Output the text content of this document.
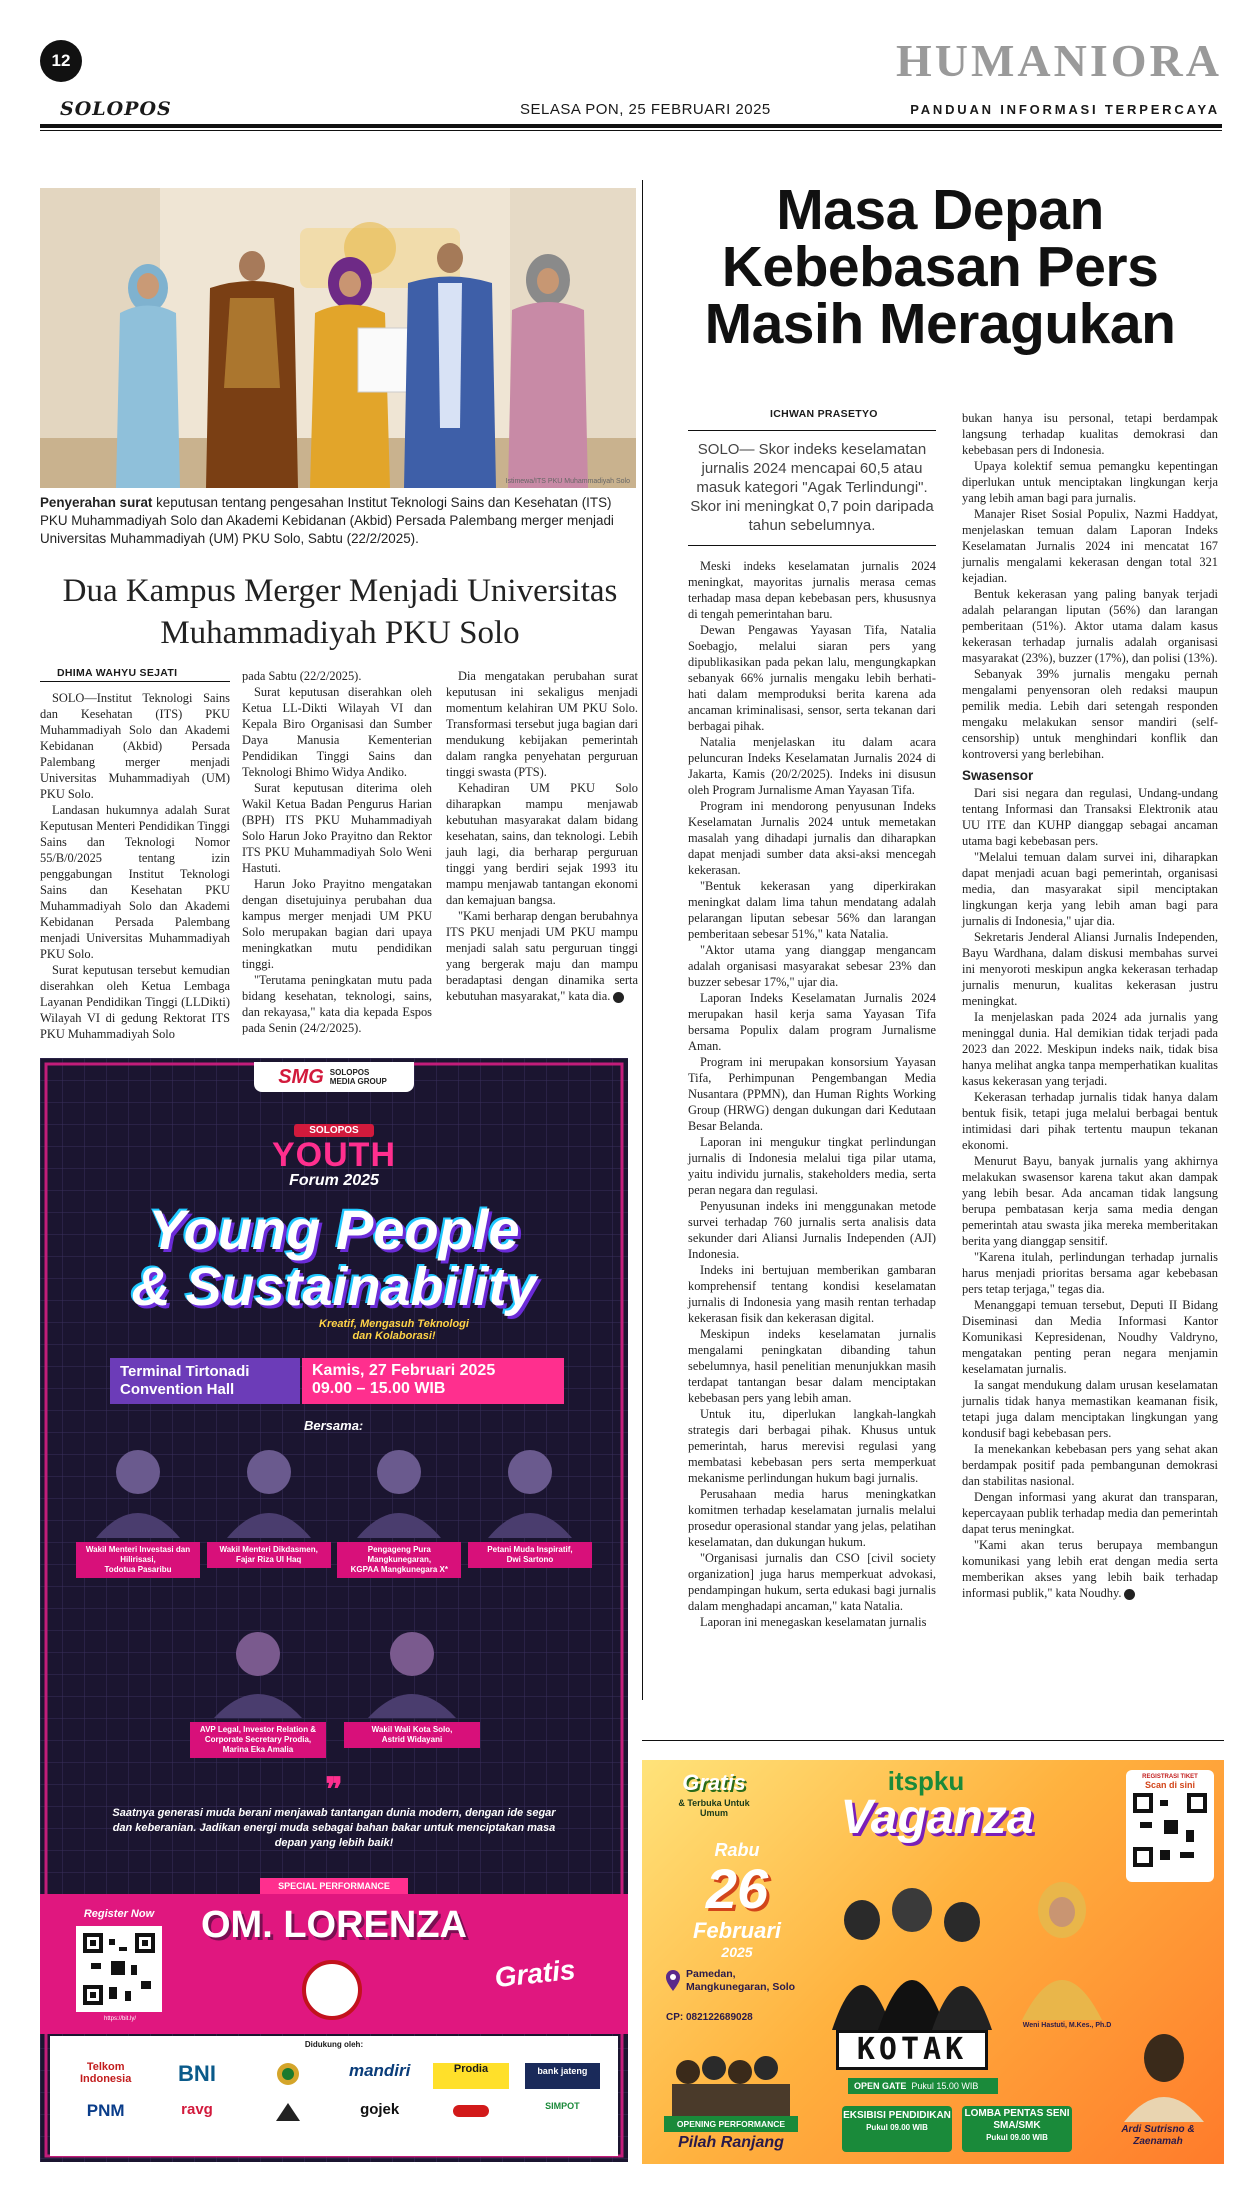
12	HUMANIORA
SOLOPOS	SELASA PON, 25 FEBRUARI 2025	PANDUAN INFORMASI TERPERCAYA
Istimewa/ITS PKU Muhammadiyah Solo
Penyerahan surat keputusan tentang pengesahan Institut Teknologi Sains dan Kesehatan (ITS) PKU Muhammadiyah Solo dan Akademi Kebidanan (Akbid) Persada Palembang merger menjadi Universitas Muhammadiyah (UM) PKU Solo, Sabtu (22/2/2025).
Dua Kampus Merger Menjadi Universitas Muhammadiyah PKU Solo
DHIMA WAHYU SEJATI

SOLO—Institut Teknologi Sains dan Kesehatan (ITS) PKU Muhammadiyah Solo dan Akademi Kebidanan (Akbid) Persada Palembang merger menjadi Universitas Muhammadiyah (UM) PKU Solo.

Landasan hukumnya adalah Surat Keputusan Menteri Pendidikan Tinggi Sains dan Teknologi Nomor 55/B/0/2025 tentang izin penggabungan Institut Teknologi Sains dan Kesehatan PKU Muhammadiyah Solo dan Akademi Kebidanan Persada Palembang menjadi Universitas Muhammadiyah PKU Solo.

Surat keputusan tersebut kemudian diserahkan oleh Ketua Lembaga Layanan Pendidikan Tinggi (LLDikti) Wilayah VI di gedung Rektorat ITS PKU Muhammadiyah Solo

pada Sabtu (22/2/2025).

Surat keputusan diserahkan oleh Ketua LL-Dikti Wilayah VI dan Kepala Biro Organisasi dan Sumber Daya Manusia Kementerian Pendidikan Tinggi Sains dan Teknologi Bhimo Widya Andiko.

Surat keputusan diterima oleh Wakil Ketua Badan Pengurus Harian (BPH) ITS PKU Muhammadiyah Solo Harun Joko Prayitno dan Rektor ITS PKU Muhammadiyah Solo Weni Hastuti.

Harun Joko Prayitno mengatakan dengan disetujuinya perubahan dua kampus merger menjadi UM PKU Solo merupakan bagian dari upaya meningkatkan mutu pendidikan tinggi.

"Terutama peningkatan mutu pada bidang kesehatan, teknologi, sains, dan rekayasa," kata dia kepada Espos pada Senin (24/2/2025).

Dia mengatakan perubahan surat keputusan ini sekaligus menjadi momentum kelahiran UM PKU Solo. Transformasi tersebut juga bagian dari mendukung kebijakan pemerintah dalam rangka penyehatan perguruan tinggi swasta (PTS).

Kehadiran UM PKU Solo diharapkan mampu menjawab kebutuhan masyarakat dalam bidang kesehatan, sains, dan teknologi. Lebih jauh lagi, dia berharap perguruan tinggi yang berdiri sejak 1993 itu mampu menjawab tantangan ekonomi dan kemajuan bangsa.

"Kami berharap dengan berubahnya ITS PKU menjadi UM PKU mampu menjadi salah satu perguruan tinggi yang bergerak maju dan mampu beradaptasi dengan dinamika serta kebutuhan masyarakat," kata dia.

Masa Depan Kebebasan Pers Masih Meragukan
ICHWAN PRASETYO
SOLO— Skor indeks keselamatan jurnalis 2024 mencapai 60,5 atau masuk kategori "Agak Terlindungi". Skor ini meningkat 0,7 poin daripada tahun sebelumnya.

Meski indeks keselamatan jurnalis 2024 meningkat, mayoritas jurnalis merasa cemas terhadap masa depan kebebasan pers, khususnya di tengah pemerintahan baru.

Dewan Pengawas Yayasan Tifa, Natalia Soebagjo, melalui siaran pers yang dipublikasikan pada pekan lalu, mengungkapkan sebanyak 66% jurnalis mengaku lebih berhati-hati dalam memproduksi berita karena ada ancaman kriminalisasi, sensor, serta tekanan dari berbagai pihak.

Natalia menjelaskan itu dalam acara peluncuran Indeks Keselamatan Jurnalis 2024 di Jakarta, Kamis (20/2/2025). Indeks ini disusun oleh Program Jurnalisme Aman Yayasan Tifa.

Program ini mendorong penyusunan Indeks Keselamatan Jurnalis 2024 untuk memetakan masalah yang dihadapi jurnalis dan diharapkan dapat menjadi sumber data aksi-aksi mencegah kekerasan.

"Bentuk kekerasan yang diperkirakan meningkat dalam lima tahun mendatang adalah pelarangan liputan sebesar 56% dan larangan pemberitaan sebesar 51%," kata Natalia.

"Aktor utama yang dianggap mengancam adalah organisasi masyarakat sebesar 23% dan buzzer sebesar 17%," ujar dia.

Laporan Indeks Keselamatan Jurnalis 2024 merupakan hasil kerja sama Yayasan Tifa bersama Populix dalam program Jurnalisme Aman.

Program ini merupakan konsorsium Yayasan Tifa, Perhimpunan Pengembangan Media Nusantara (PPMN), dan Human Rights Working Group (HRWG) dengan dukungan dari Kedutaan Besar Belanda.

Laporan ini mengukur tingkat perlindungan jurnalis di Indonesia melalui tiga pilar utama, yaitu individu jurnalis, stakeholders media, serta peran negara dan regulasi.

Penyusunan indeks ini menggunakan metode survei terhadap 760 jurnalis serta analisis data sekunder dari Aliansi Jurnalis Independen (AJI) Indonesia.

Indeks ini bertujuan memberikan gambaran komprehensif tentang kondisi keselamatan jurnalis di Indonesia yang masih rentan terhadap kekerasan fisik dan kekerasan digital.

Meskipun indeks keselamatan jurnalis mengalami peningkatan dibanding tahun sebelumnya, hasil penelitian menunjukkan masih terdapat tantangan besar dalam menciptakan kebebasan pers yang lebih aman.

Untuk itu, diperlukan langkah-langkah strategis dari berbagai pihak. Khusus untuk pemerintah, harus merevisi regulasi yang membatasi kebebasan pers serta memperkuat mekanisme perlindungan hukum bagi jurnalis.

Perusahaan media harus meningkatkan komitmen terhadap keselamatan jurnalis melalui prosedur operasional standar yang jelas, pelatihan keselamatan, dan dukungan hukum.

"Organisasi jurnalis dan CSO [civil society organization] juga harus memperkuat advokasi, pendampingan hukum, serta edukasi bagi jurnalis dalam menghadapi ancaman," kata Natalia.

Laporan ini menegaskan keselamatan jurnalis

bukan hanya isu personal, tetapi berdampak langsung terhadap kualitas demokrasi dan kebebasan pers di Indonesia.

Upaya kolektif semua pemangku kepentingan diperlukan untuk menciptakan lingkungan kerja yang lebih aman bagi para jurnalis.

Manajer Riset Sosial Populix, Nazmi Haddyat, menjelaskan temuan dalam Laporan Indeks Keselamatan Jurnalis 2024 ini mencatat 167 jurnalis mengalami kekerasan dengan total 321 kejadian.

Bentuk kekerasan yang paling banyak terjadi adalah pelarangan liputan (56%) dan larangan pemberitaan (51%). Aktor utama dalam kasus kekerasan terhadap jurnalis adalah organisasi masyarakat (23%), buzzer (17%), dan polisi (13%).

Sebanyak 39% jurnalis mengaku pernah mengalami penyensoran oleh redaksi maupun pemilik media. Lebih dari setengah responden mengaku melakukan sensor mandiri (self-censorship) untuk menghindari konflik dan kontroversi yang berlebihan.

Swasensor

Dari sisi negara dan regulasi, Undang-undang tentang Informasi dan Transaksi Elektronik atau UU ITE dan KUHP dianggap sebagai ancaman utama bagi kebebasan pers.

"Melalui temuan dalam survei ini, diharapkan dapat menjadi acuan bagi pemerintah, organisasi media, dan masyarakat sipil menciptakan lingkungan kerja yang lebih aman bagi para jurnalis di Indonesia," ujar dia.

Sekretaris Jenderal Aliansi Jurnalis Independen, Bayu Wardhana, dalam diskusi membahas survei ini menyoroti meskipun angka kekerasan terhadap jurnalis menurun, kualitas kekerasan justru meningkat.

Ia menjelaskan pada 2024 ada jurnalis yang meninggal dunia. Hal demikian tidak terjadi pada 2023 dan 2022. Meskipun indeks naik, tidak bisa hanya melihat angka tanpa memperhatikan kualitas kasus kekerasan yang terjadi.

Kekerasan terhadap jurnalis tidak hanya dalam bentuk fisik, tetapi juga melalui berbagai bentuk intimidasi dari pihak tertentu maupun tekanan ekonomi.

Menurut Bayu, banyak jurnalis yang akhirnya melakukan swasensor karena takut akan dampak yang lebih besar. Ada ancaman tidak langsung berupa pembatasan kerja sama media dengan pemerintah atau swasta jika mereka memberitakan berita yang dianggap sensitif.

"Karena itulah, perlindungan terhadap jurnalis harus menjadi prioritas bersama agar kebebasan pers tetap terjaga," tegas dia.

Menanggapi temuan tersebut, Deputi II Bidang Diseminasi dan Media Informasi Kantor Komunikasi Kepresidenan, Noudhy Valdryno, mengatakan penting peran negara menjamin keselamatan jurnalis.

Ia sangat mendukung dalam urusan keselamatan jurnalis tidak hanya memastikan keamanan fisik, tetapi juga dalam menciptakan lingkungan yang kondusif bagi kebebasan pers.

Ia menekankan kebebasan pers yang sehat akan berdampak positif pada pembangunan demokrasi dan stabilitas nasional.

Dengan informasi yang akurat dan transparan, kepercayaan publik terhadap media dan pemerintah dapat terus meningkat.

"Kami akan terus berupaya membangun komunikasi yang lebih erat dengan media serta memberikan akses yang lebih baik terhadap informasi publik," kata Noudhy.

SMG SOLOPOS MEDIA GROUP
SOLOPOS
YOUTH
Forum 2025
Young People
& Sustainability
Kreatif, Mengasuh Teknologi dan Kolaborasi!
Terminal Tirtonadi Convention Hall
Kamis, 27 Februari 2025
09.00 – 15.00 WIB
Bersama:
Wakil Menteri Investasi dan Hilirisasi,
Todotua Pasaribu
Wakil Menteri Dikdasmen,
Fajar Riza Ul Haq
Pengageng Pura Mangkunegaran,
KGPAA Mangkunegara X*
Petani Muda Inspiratif,
Dwi Sartono
AVP Legal, Investor Relation & Corporate Secretary Prodia,
Marina Eka Amalia
Wakil Wali Kota Solo,
Astrid Widayani
❞
Saatnya generasi muda berani menjawab tantangan dunia modern, dengan ide segar dan keberanian. Jadikan energi muda sebagai bahan bakar untuk menciptakan masa depan yang lebih baik!
SPECIAL PERFORMANCE
OM. LORENZA
Register Now
https://bit.ly/
Gratis
Didukung oleh:
Telkom Indonesia	BNI	mandiri	Prodia	bank jateng
PNM	ravg	gojek	SIMPOT
Gratis
& Terbuka Untuk Umum
itspku
Vaganza
Rabu
26
Februari
2025
Pamedan, Mangkunegaran, Solo
CP: 082122689028
REGISTRASI TIKET
Scan di sini
Weni Hastuti, M.Kes., Ph.D
KOTAK
OPEN GATE Pukul 15.00 WIB
OPENING PERFORMANCE
Pilah Ranjang
EKSIBISI PENDIDIKAN
Pukul 09.00 WIB
LOMBA PENTAS SENI SMA/SMK
Pukul 09.00 WIB
Ardi Sutrisno & Zaenamah
